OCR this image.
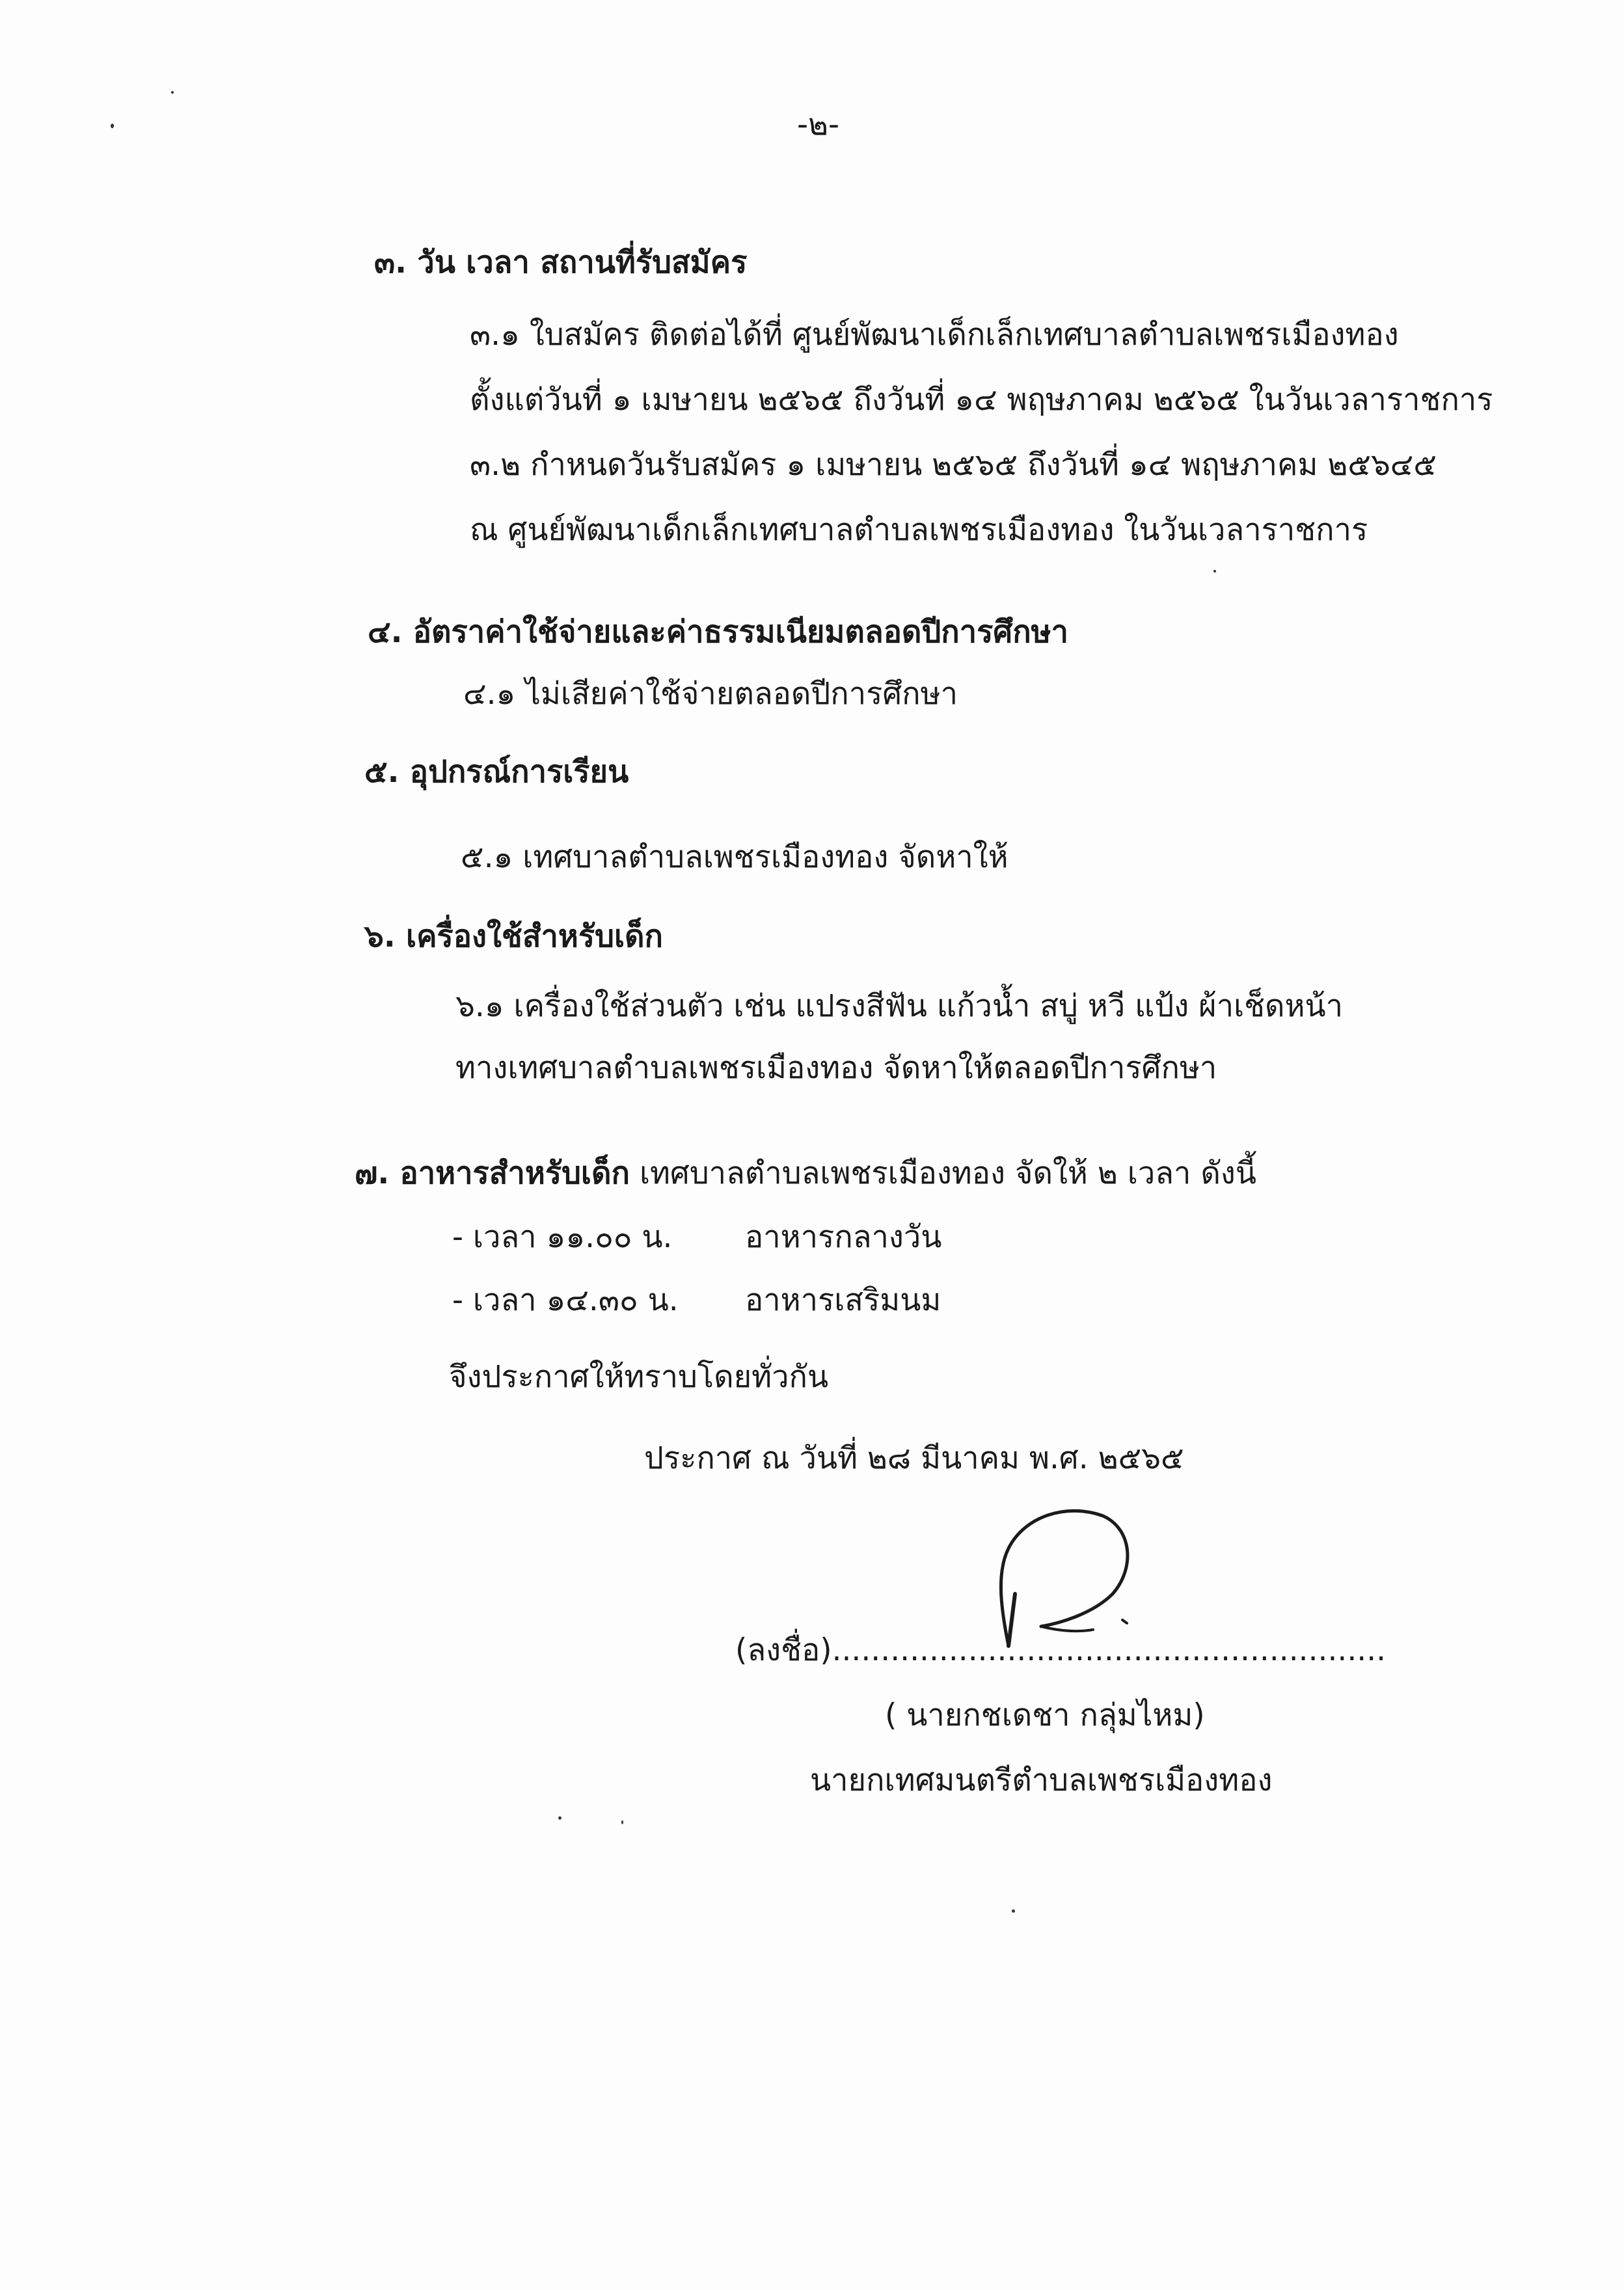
-๒-
๓. วัน เวลา สถานที่รับสมัคร
๓.๑ ใบสมัคร ติดต่อได้ที่ ศูนย์พัฒนาเด็กเล็กเทศบาลตำบลเพชรเมืองทอง
ตั้งแต่วันที่ ๑ เมษายน ๒๕๖๕ ถึงวันที่ ๑๔ พฤษภาคม ๒๕๖๕ ในวันเวลาราชการ
๓.๒ กำหนดวันรับสมัคร ๑ เมษายน ๒๕๖๕ ถึงวันที่ ๑๔ พฤษภาคม ๒๕๖๔๕
ณ ศูนย์พัฒนาเด็กเล็กเทศบาลตำบลเพชรเมืองทอง ในวันเวลาราชการ
๔. อัตราค่าใช้จ่ายและค่าธรรมเนียมตลอดปีการศึกษา
๔.๑ ไม่เสียค่าใช้จ่ายตลอดปีการศึกษา
๕. อุปกรณ์การเรียน
๕.๑ เทศบาลตำบลเพชรเมืองทอง จัดหาให้
๖. เครื่องใช้สำหรับเด็ก
๖.๑ เครื่องใช้ส่วนตัว เช่น แปรงสีฟัน แก้วน้ำ สบู่ หวี แป้ง ผ้าเช็ดหน้า
ทางเทศบาลตำบลเพชรเมืองทอง จัดหาให้ตลอดปีการศึกษา
๗. อาหารสำหรับเด็ก เทศบาลตำบลเพชรเมืองทอง จัดให้ ๒ เวลา ดังนี้
- เวลา ๑๑.๐๐ น. อาหารกลางวัน
- เวลา ๑๔.๓๐ น. อาหารเสริมนม
จึงประกาศให้ทราบโดยทั่วกัน
ประกาศ ณ วันที่ ๒๘ มีนาคม พ.ศ. ๒๕๖๕
(ลงชื่อ).........................................................
( นายกชเดชา กลุ่มไหม)
นายกเทศมนตรีตำบลเพชรเมืองทอง
